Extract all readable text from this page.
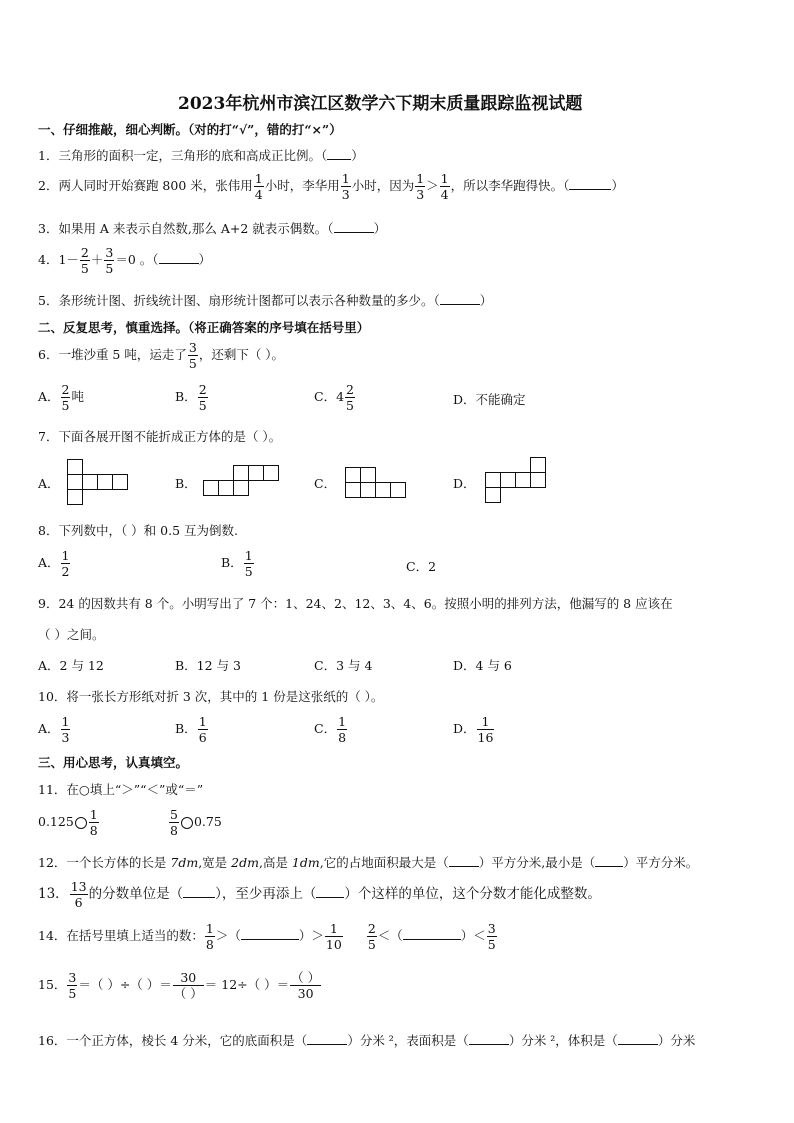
2023年杭州市滨江区数学六下期末质量跟踪监视试题
一、仔细推敲，细心判断。（对的打“√”，错的打“×”）
1．三角形的面积一定，三角形的底和高成正比例。（ ）
2．两人同时开始赛跑 800 米，张伟用 $\frac{1}{4}$ 小时，李华用 $\frac{1}{3}$ 小时，因为 $\frac{1}{3} > \frac{1}{4}$ ，所以李华跑得快。（	）
3．如果用 A 来表示自然数,那么 A+2 就表示偶数。（	）
4．$1- \frac{2}{5} + \frac{3}{5} =0$ 。（	）
5．条形统计图、折线统计图、扇形统计图都可以表示各种数量的多少。（	）
二、反复思考，慎重选择。（将正确答案的序号填在括号里）
6．一堆沙重 5 吨，运走了 $\frac{3}{5}$ ，还剩下（ ）。
A． $\frac{2}{5}$ 吨	B． $\frac{2}{5}$	C．$4 \frac{2}{5}$	D．不能确定
7．下面各展开图不能折成正方体的是（ ）。
A．	B．	C．	D．
8．下列数中，（ ）和 0.5 互为倒数.
A． $\frac{1}{2}$	B． $\frac{1}{5}$	C．2
9．24 的因数共有 8 个。小明写出了 7 个：1、24、2、12、3、4、6。按照小明的排列方法，他漏写的 8 应该在
（ ）之间。
A．2 与 12	B．12 与 3	C．3 与 4	D．4 与 6
10．将一张长方形纸对折 3 次，其中的 1 份是这张纸的（ ）。
A． $\frac{1}{3}$	B． $\frac{1}{6}$	C． $\frac{1}{8}$	D． $\frac{1}{16}$
三、用心思考，认真填空。
11．在○填上“＞”“＜”或“＝”
$0.125 \frac{1}{8}$	$\frac{5}{8} 0.75$
12．一个长方体的长是 7dm,宽是 2dm,高是 1dm,它的占地面积最大是（ ）平方分米,最小是（ ）平方分米。
13． $\frac{13}{6}$ 的分数单位是（ ），至少再添上（ ）个这样的单位，这个分数才能化成整数。
14．在括号里填上适当的数： $\frac{1}{8}$ ＞（	）＞ $\frac{1}{10} \frac{2}{5}$ ＜（	）＜ $\frac{3}{5}$
15． $\frac{3}{5}$ ＝（ ）÷（ ）＝ $\frac{30}{( )} = 12\div$（ ）＝ $\frac{( )}{30}$
16．一个正方体，棱长 4 分米，它的底面积是（	）分米 ²，表面积是（	）分米 ²，体积是（	）分米
